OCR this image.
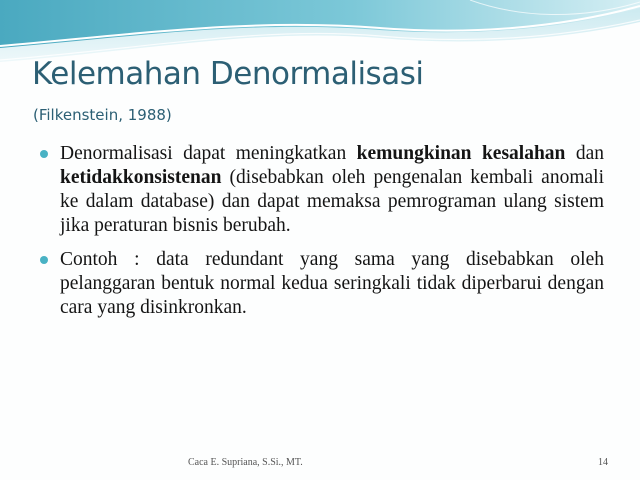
Kelemahan Denormalisasi
(Filkenstein, 1988)
Denormalisasi dapat meningkatkan kemungkinan kesalahan dan ketidakkonsistenan (disebabkan oleh pengenalan kembali anomali ke dalam database) dan dapat memaksa pemrograman ulang sistem jika peraturan bisnis berubah.
Contoh : data redundant yang sama yang disebabkan oleh pelanggaran bentuk normal kedua seringkali tidak diperbarui dengan cara yang disinkronkan.
Caca E. Supriana, S.Si., MT.	14
